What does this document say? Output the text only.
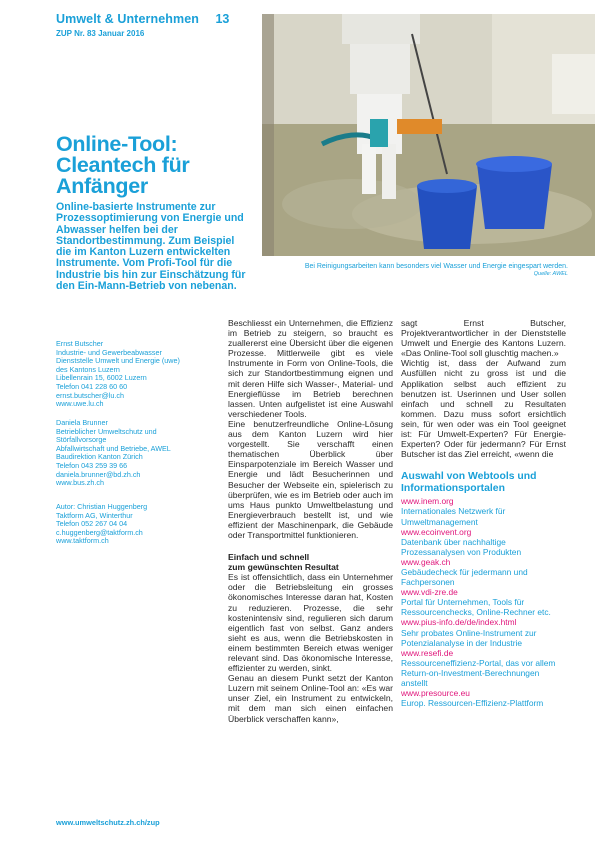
Umwelt & Unternehmen 13
ZUP Nr. 83 Januar 2016
Bei Reinigungsarbeiten kann besonders viel Wasser und Energie eingespart werden.
Quelle: AWEL
Online-Tool:
Cleantech für
Anfänger
Online-basierte Instrumente zur Prozessoptimierung von Energie und Abwasser helfen bei der Standortbestimmung. Zum Beispiel die im Kanton Luzern entwickelten Instrumente. Vom Profi-Tool für die Industrie bis hin zur Einschätzung für den Ein-Mann-Betrieb von nebenan.
Ernst Butscher
Industrie- und Gewerbeabwasser
Dienststelle Umwelt und Energie (uwe)
des Kantons Luzern
Libellenrain 15, 6002 Luzern
Telefon 041 228 60 60
ernst.butscher@lu.ch
www.uwe.lu.ch
Daniela Brunner
Betrieblicher Umweltschutz und
Störfallvorsorge
Abfallwirtschaft und Betriebe, AWEL
Baudirektion Kanton Zürich
Telefon 043 259 39 66
daniela.brunner@bd.zh.ch
www.bus.zh.ch
Autor: Christian Huggenberg
Taktform AG, Winterthur
Telefon 052 267 04 04
c.huggenberg@taktform.ch
www.taktform.ch

Beschliesst ein Unternehmen, die Effizienz im Betrieb zu steigern, so braucht es zuallererst eine Übersicht über die eigenen Prozesse. Mittlerweile gibt es viele Instrumente in Form von Online-Tools, die sich zur Standortbestimmung eignen und mit deren Hilfe sich Wasser-, Material- und Energieflüsse im Betrieb berechnen lassen. Unten aufgelistet ist eine Auswahl verschiedener Tools.

Eine benutzerfreundliche Online-Lösung aus dem Kanton Luzern wird hier vorgestellt. Sie verschafft einen thematischen Überblick über Einsparpotenziale im Bereich Wasser und Energie und lädt Besucherinnen und Besucher der Webseite ein, spielerisch zu überprüfen, wie es im Betrieb oder auch im ums Haus punkto Umweltbelastung und Energieverbrauch bestellt ist, und wie effizient der Maschinenpark, die Gebäude oder Transportmittel funktionieren.

Einfach und schnell
zum gewünschten Resultat

Es ist offensichtlich, dass ein Unternehmer oder die Betriebsleitung ein grosses ökonomisches Interesse daran hat, Kosten zu reduzieren. Prozesse, die sehr kostenintensiv sind, regulieren sich darum eigentlich fast von selbst. Ganz anders sieht es aus, wenn die Betriebskosten in einem bestimmten Bereich etwas weniger relevant sind. Das ökonomische Interesse, effizienter zu werden, sinkt.

Genau an diesem Punkt setzt der Kanton Luzern mit seinem Online-Tool an: «Es war unser Ziel, ein Instrument zu entwickeln, mit dem man sich einen einfachen Überblick verschaffen kann»,

sagt Ernst Butscher, Projektverantwortlicher in der Dienststelle Umwelt und Energie des Kantons Luzern. «Das Online-Tool soll gluschtig machen.»

Wichtig ist, dass der Aufwand zum Ausfüllen nicht zu gross ist und die Applikation selbst auch effizient zu benutzen ist. Userinnen und User sollen einfach und schnell zu Resultaten kommen. Dazu muss sofort ersichtlich sein, für wen oder was ein Tool geeignet ist: Für Umwelt-Experten? Für Energie-Experten? Oder für jedermann? Für Ernst Butscher ist das Ziel erreicht, «wenn die

Auswahl von Webtools und Informationsportalen
www.inem.org
Internationales Netzwerk für Umweltmanagement
www.ecoinvent.org
Datenbank über nachhaltige Prozessanalysen von Produkten
www.geak.ch
Gebäudecheck für jedermann und Fachpersonen
www.vdi-zre.de
Portal für Unternehmen, Tools für Ressourcenchecks, Online-Rechner etc.
www.pius-info.de/de/index.html
Sehr probates Online-Instrument zur Potenzialanalyse in der Industrie
www.resefi.de
Ressourceneffizienz-Portal, das vor allem Return-on-Investment-Berechnungen anstellt
www.presource.eu
Europ. Ressourcen-Effizienz-Plattform
www.umweltschutz.zh.ch/zup
